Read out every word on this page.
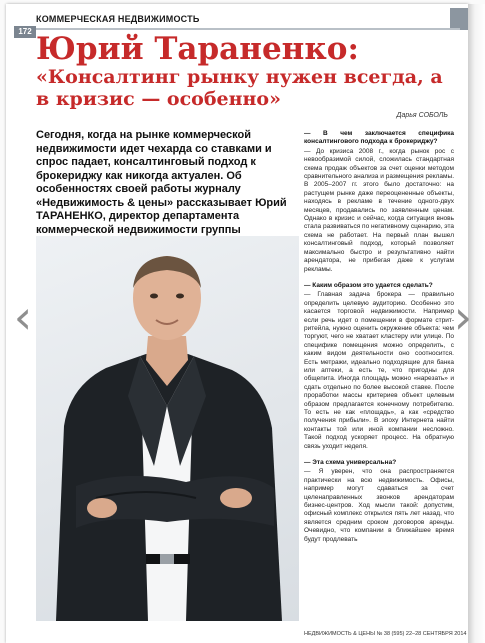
КОММЕРЧЕСКАЯ НЕДВИЖИМОСТЬ
172 Юрий Тараненко:
«Консалтинг рынку нужен всегда, а в кризис — особенно»
Дарья СОБОЛЬ
Сегодня, когда на рынке коммерческой недвижимости идет чехарда со ставками и спрос падает, консалтинговый подход к брокериджу как никогда актуален. Об особенностях своей работы журналу «Недвижимость & цены» рассказывает Юрий ТАРАНЕНКО, директор департамента коммерческой недвижимости группы
— В чем заключается специфика консалтингового подхода к брокериджу?
— До кризиса 2008 г., когда рынок рос с невообразимой силой, сложилась стандартная схема продаж объектов за счет оценки методом сравнительного анализа и размещения рекламы. В 2005–2007 гг. этого было достаточно: на растущем рынке даже переоцененные объекты, находясь в рекламе в течение одного-двух месяцев, продавались по заявленным ценам. Однако в кризис и сейчас, когда ситуация вновь стала развиваться по негативному сценарию, эта схема не работает. На первый план вышел консалтинговый подход, который позволяет максимально быстро и результативно найти арендатора, не прибегая даже к услугам рекламы.
— Каким образом это удается сделать?
— Главная задача брокера — правильно определить целевую аудиторию. Особенно это касается торговой недвижимости. Например если речь идет о помещении в формате стрит-ритейла, нужно оценить окружение объекта: чем торгуют, чего не хватает кластеру или улице. По специфике помещения можно определить, с каким видом деятельности оно соотносится. Есть метражи, идеально подходящие для банка или аптеки, а есть те, что пригодны для общепита. Иногда площадь можно «нарезать» и сдать отдельно по более высокой ставке. После проработки массы критериев объект целевым образом предлагается конечному потребителю. То есть не как «площадь», а как «средство получения прибыли». В эпоху Интернета найти контакты той или иной компании несложно. Такой подход ускоряет процесс. На обратную связь уходит неделя.
— Эта схема универсальна?
— Я уверен, что она распространяется практически на всю недвижимость. Офисы, например могут сдаваться за счет целенаправленных звонков арендаторам бизнес-центров. Ход мысли такой: допустим, офисный комплекс открылся пять лет назад, что является средним сроком договоров аренды. Очевидно, что компании в ближайшее время будут продлевать
НЕДВИЖИМОСТЬ & ЦЕНЫ № 38 (595) 22–28 СЕНТЯБРЯ 2014
‹	›
